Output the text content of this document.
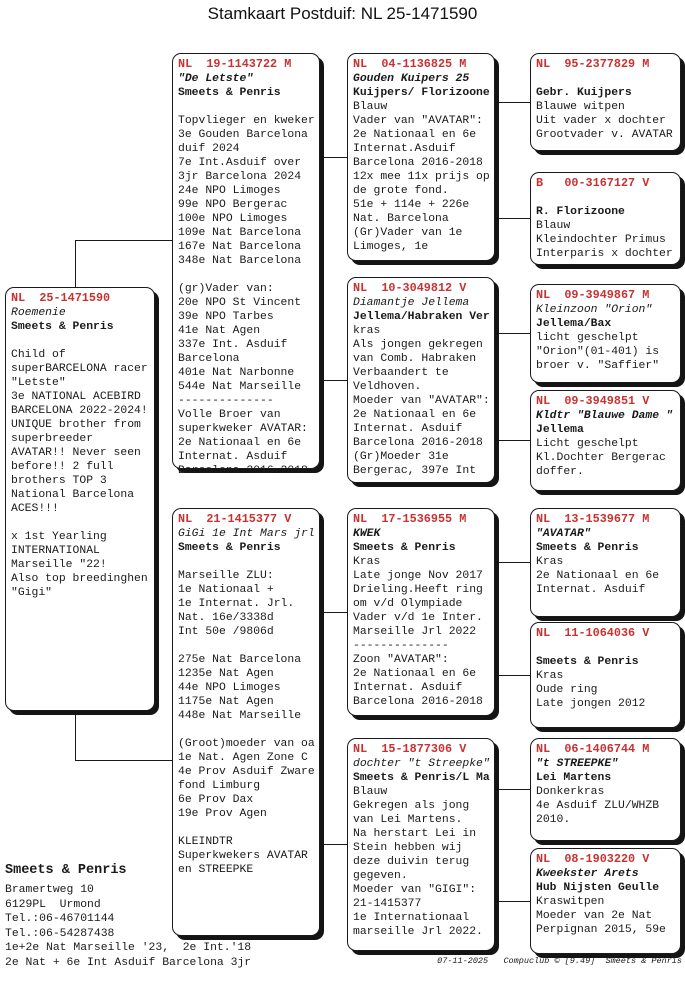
Stamkaart Postduif: NL 25-1471590
NL  25-1471590
Roemenie
Smeets & Penris

Child of
superBARCELONA racer
"Letste"
3e NATIONAL ACEBIRD
BARCELONA 2022-2024!
UNIQUE brother from
superbreeder
AVATAR!! Never seen
before!! 2 full
brothers TOP 3
National Barcelona
ACES!!!

x 1st Yearling
INTERNATIONAL
Marseille "22!
Also top breedinghen
"Gigi"
NL  19-1143722 M
"De Letste"
Smeets & Penris

Topvlieger en kweker
3e Gouden Barcelona
duif 2024
7e Int.Asduif over
3jr Barcelona 2024
24e NPO Limoges
99e NPO Bergerac
100e NPO Limoges
109e Nat Barcelona
167e Nat Barcelona
348e Nat Barcelona

(gr)Vader van:
20e NPO St Vincent
39e NPO Tarbes
41e Nat Agen
337e Int. Asduif
Barcelona
401e Nat Narbonne
544e Nat Marseille
--------------
Volle Broer van
superkweker AVATAR:
2e Nationaal en 6e
Internat. Asduif
Barcelona 2016-2018
NL  21-1415377 V
GiGi 1e Int Mars jrl
Smeets & Penris

Marseille ZLU:
1e Nationaal +
1e Internat. Jrl.
Nat. 16e/3338d
Int 50e /9806d

275e Nat Barcelona
1235e Nat Agen
44e NPO Limoges
1175e Nat Agen
448e Nat Marseille

(Groot)moeder van oa
1e Nat. Agen Zone C
4e Prov Asduif Zware
fond Limburg
6e Prov Dax
19e Prov Agen

KLEINDTR
Superkwekers AVATAR
en STREEPKE
NL  04-1136825 M
Gouden Kuipers 25
Kuijpers/ Florizoone
Blauw
Vader van "AVATAR":
2e Nationaal en 6e
Internat.Asduif
Barcelona 2016-2018
12x mee 11x prijs op
de grote fond.
51e + 114e + 226e
Nat. Barcelona
(Gr)Vader van 1e
Limoges, 1e
NL  10-3049812 V
Diamantje Jellema
Jellema/Habraken Ver
kras
Als jongen gekregen
van Comb. Habraken
Verbaandert te
Veldhoven.
Moeder van "AVATAR":
2e Nationaal en 6e
Internat. Asduif
Barcelona 2016-2018
(Gr)Moeder 31e
Bergerac, 397e Int
NL  17-1536955 M
KWEK
Smeets & Penris
Kras
Late jonge Nov 2017
Drieling.Heeft ring
om v/d Olympiade
Vader v/d 1e Inter.
Marseille Jrl 2022
--------------
Zoon "AVATAR":
2e Nationaal en 6e
Internat. Asduif
Barcelona 2016-2018
NL  15-1877306 V
dochter "t Streepke"
Smeets & Penris/L Ma
Blauw
Gekregen als jong
van Lei Martens.
Na herstart Lei in
Stein hebben wij
deze duivin terug
gegeven.
Moeder van "GIGI":
21-1415377
1e Internationaal
marseille Jrl 2022.
NL  95-2377829 M

Gebr. Kuijpers
Blauwe witpen
Uit vader x dochter
Grootvader v. AVATAR
B   00-3167127 V

R. Florizoone
Blauw
Kleindochter Primus
Interparis x dochter
NL  09-3949867 M
Kleinzoon "Orion"
Jellema/Bax
licht geschelpt
"Orion"(01-401) is
broer v. "Saffier"
NL  09-3949851 V
Kldtr "Blauwe Dame "
Jellema
Licht geschelpt
Kl.Dochter Bergerac
doffer.
NL  13-1539677 M
"AVATAR"
Smeets & Penris
Kras
2e Nationaal en 6e
Internat. Asduif
NL  11-1064036 V

Smeets & Penris
Kras
Oude ring
Late jongen 2012
NL  06-1406744 M
"t STREEPKE"
Lei Martens
Donkerkras
4e Asduif ZLU/WHZB
2010.
NL  08-1903220 V
Kweekster Arets
Hub Nijsten Geulle
Kraswitpen
Moeder van 2e Nat
Perpignan 2015, 59e
Smeets & Penris
Bramertweg 10
6129PL  Urmond
Tel.:06-46701144
Tel.:06-54287438
1e+2e Nat Marseille '23,  2e Int.'18
2e Nat + 6e Int Asduif Barcelona 3jr	07-11-2025 Compuclub © [9.49] Smeets & Penris
